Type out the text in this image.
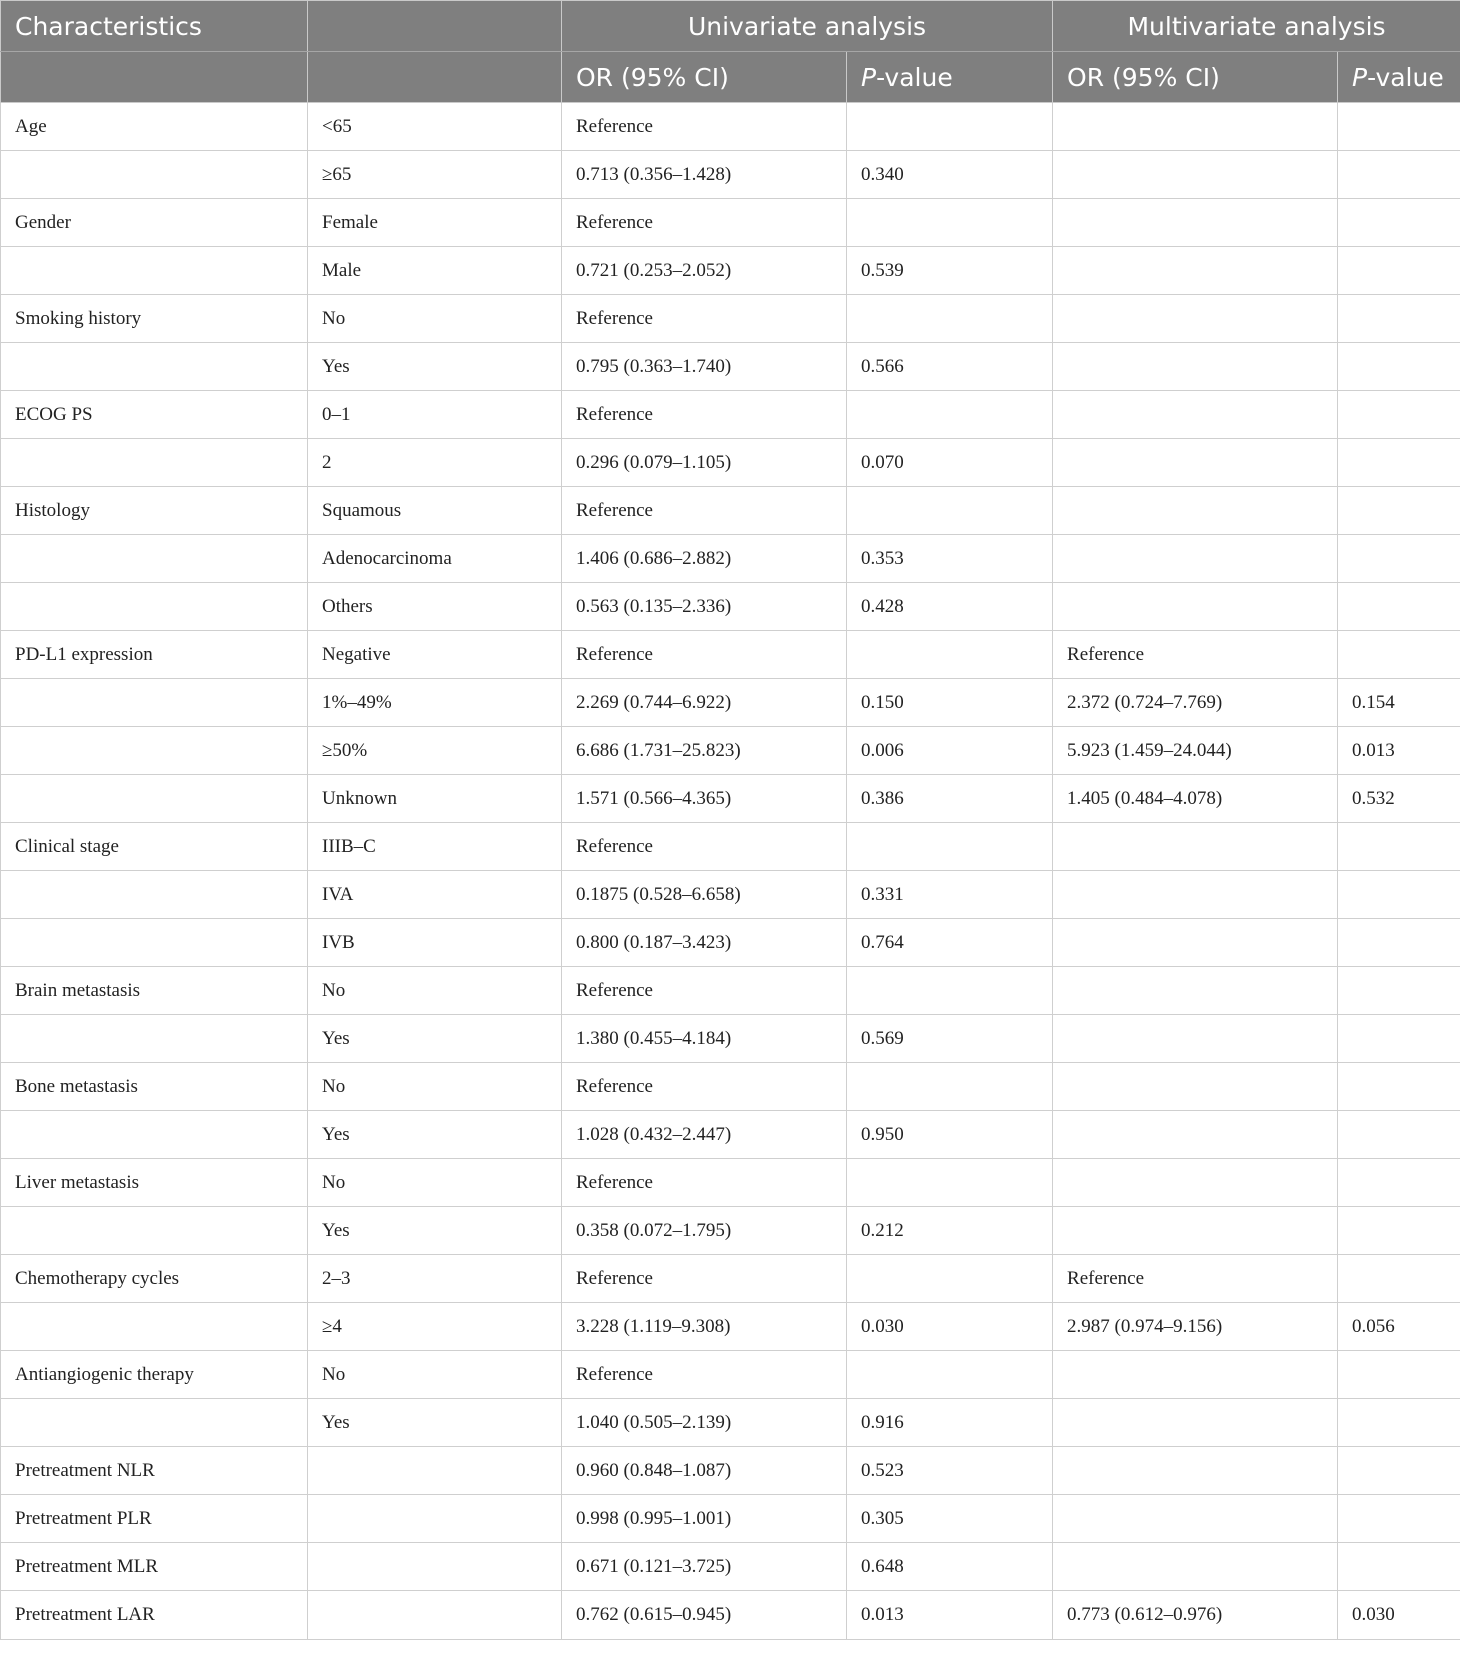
Characteristics		Univariate analysis		Multivariate analysis	
		OR (95% CI)	P-value	OR (95% CI)	P-value
Age	<65	Reference			
	≥65	0.713 (0.356–1.428)	0.340		
Gender	Female	Reference			
	Male	0.721 (0.253–2.052)	0.539		
Smoking history	No	Reference			
	Yes	0.795 (0.363–1.740)	0.566		
ECOG PS	0–1	Reference			
	2	0.296 (0.079–1.105)	0.070		
Histology	Squamous	Reference			
	Adenocarcinoma	1.406 (0.686–2.882)	0.353		
	Others	0.563 (0.135–2.336)	0.428		
PD-L1 expression	Negative	Reference		Reference	
	1%–49%	2.269 (0.744–6.922)	0.150	2.372 (0.724–7.769)	0.154
	≥50%	6.686 (1.731–25.823)	0.006	5.923 (1.459–24.044)	0.013
	Unknown	1.571 (0.566–4.365)	0.386	1.405 (0.484–4.078)	0.532
Clinical stage	IIIB–C	Reference			
	IVA	0.1875 (0.528–6.658)	0.331		
	IVB	0.800 (0.187–3.423)	0.764		
Brain metastasis	No	Reference			
	Yes	1.380 (0.455–4.184)	0.569		
Bone metastasis	No	Reference			
	Yes	1.028 (0.432–2.447)	0.950		
Liver metastasis	No	Reference			
	Yes	0.358 (0.072–1.795)	0.212		
Chemotherapy cycles	2–3	Reference		Reference	
	≥4	3.228 (1.119–9.308)	0.030	2.987 (0.974–9.156)	0.056
Antiangiogenic therapy	No	Reference			
	Yes	1.040 (0.505–2.139)	0.916		
Pretreatment NLR		0.960 (0.848–1.087)	0.523		
Pretreatment PLR		0.998 (0.995–1.001)	0.305		
Pretreatment MLR		0.671 (0.121–3.725)	0.648		
Pretreatment LAR		0.762 (0.615–0.945)	0.013	0.773 (0.612–0.976)	0.030
